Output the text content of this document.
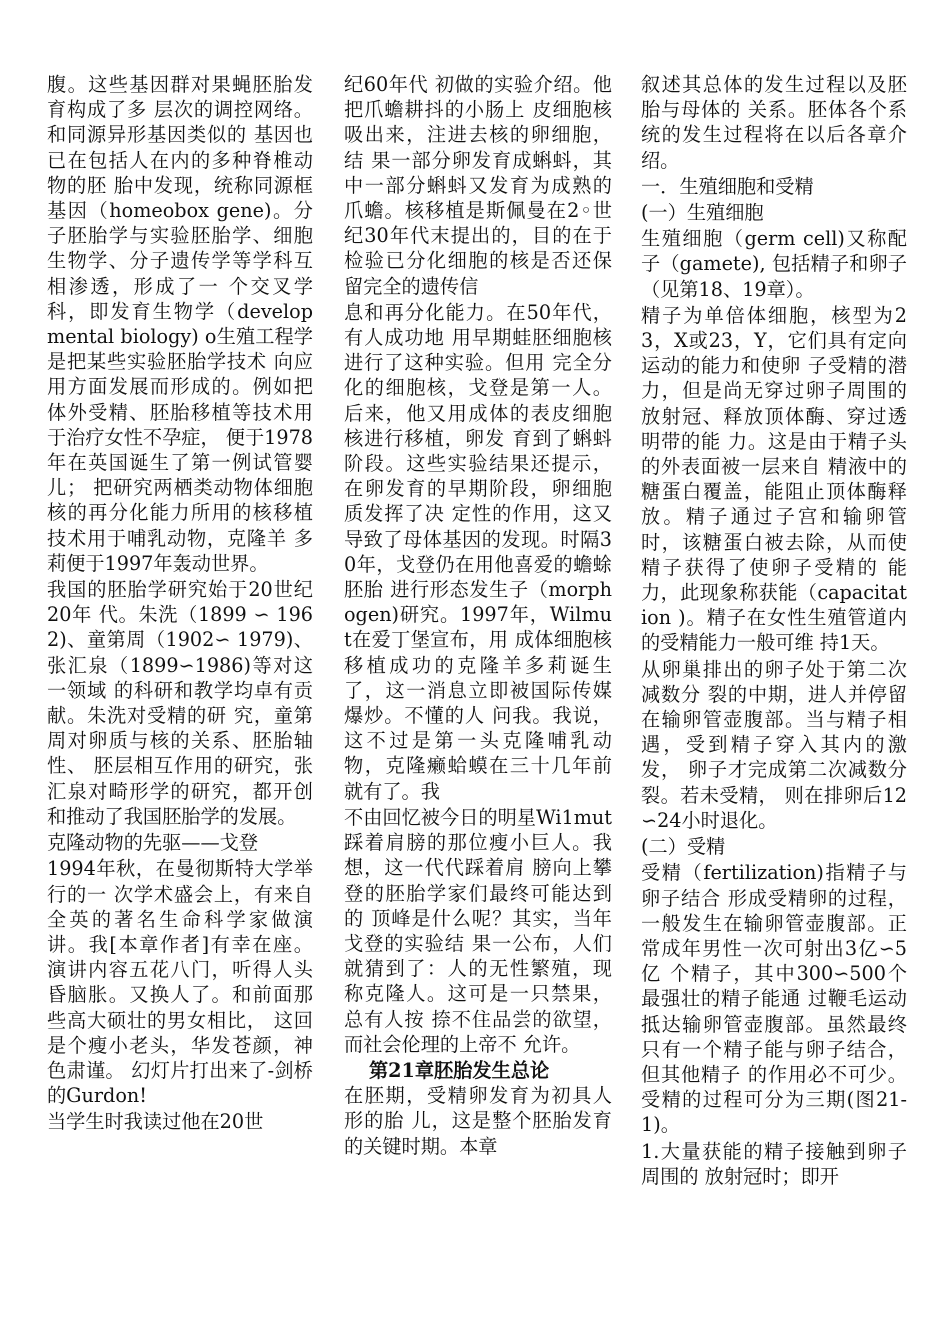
腹。这些基因群对果蝇胚胎发育构成了多 层次的调控网络。和同源异形基因类似的 基因也已在包括人在内的多种脊椎动物的胚 胎中发现，统称同源框基因（homeobox gene)。分子胚胎学与实验胚胎学、细胞生物学、分子遗传学等学科互相渗透，形成了一 个交叉学科，即发育生物学（developmental biology) o生殖工程学是把某些实验胚胎学技术 向应用方面发展而形成的。例如把体外受精、胚胎移植等技术用于治疗女性不孕症， 便于1978年在英国诞生了第一例试管婴儿； 把研究两栖类动物体细胞核的再分化能力所用的核移植技术用于哺乳动物，克隆羊 多莉便于1997年轰动世界。

我国的胚胎学研究始于20世纪20年 代。朱洗（1899 ∽ 1962)、童第周（1902∽ 1979)、张汇泉（1899∽1986)等对这一领域 的科研和教学均卓有贡献。朱洗对受精的研 究，童第周对卵质与核的关系、胚胎轴性、 胚层相互作用的研究，张汇泉对畸形学的研究，都开创和推动了我国胚胎学的发展。

克隆动物的先驱——戈登

1994年秋，在曼彻斯特大学举行的一 次学术盛会上，有来自全英的著名生命科学家做演讲。我[本章作者]有幸在座。 演讲内容五花八门，听得人头昏脑胀。又换人了。和前面那些高大硕壮的男女相比， 这回是个瘦小老头，华发苍颜，神色肃谨。 幻灯片打出来了-剑桥的Gurdon!

当学生时我读过他在20世

纪60年代 初做的实验介绍。他把爪蟾耕抖的小肠上 皮细胞核吸出来，注进去核的卵细胞，结 果一部分卵发育成蝌蚪，其中一部分蝌蚪又发育为成熟的爪蟾。核移植是斯佩曼在2◦世纪30年代末提出的，目的在于检验已分化细胞的核是否还保留完全的遗传信

息和再分化能力。在50年代，有人成功地 用早期蛙胚细胞核进行了这种实验。但用 完全分化的细胞核，戈登是第一人。后来，他又用成体的表皮细胞核进行移植，卵发 育到了蝌蚪阶段。这些实验结果还提示，在卵发育的早期阶段，卵细胞质发挥了决 定性的作用，这又导致了母体基因的发现。时隔30年，戈登仍在用他喜爱的蟾蜍胚胎 进行形态发生子（morphogen)研究。1997年，Wilmut在爱丁堡宣布，用 成体细胞核移植成功的克隆羊多莉诞生了，这一消息立即被国际传媒爆炒。不懂的人 问我。我说，这不过是第一头克隆哺乳动 物，克隆癞蛤蟆在三十几年前就有了。我

不由回忆被今日的明星Wi1mut踩着肩膀的那位瘦小巨人。我想，这一代代踩着肩 膀向上攀登的胚胎学家们最终可能达到的 顶峰是什么呢？其实，当年戈登的实验结 果一公布，人们就猜到了：人的无性繁殖，现称克隆人。这可是一只禁果，总有人按 捺不住品尝的欲望，而社会伦理的上帝不 允许。

第21章胚胎发生总论

在胚期，受精卵发育为初具人形的胎 儿，这是整个胚胎发育的关键时期。本章

叙述其总体的发生过程以及胚胎与母体的 关系。胚体各个系统的发生过程将在以后各章介绍。

一．生殖细胞和受精

(一）生殖细胞

生殖细胞（germ cell)又称配子（gamete), 包括精子和卵子（见第18、19章）。

精子为单倍体细胞，核型为23，X或23，Y，它们具有定向运动的能力和使卵 子受精的潜力，但是尚无穿过卵子周围的 放射冠、释放顶体酶、穿过透明带的能 力。这是由于精子头的外表面被一层来自 精液中的糖蛋白覆盖，能阻止顶体酶释放。精子通过子宫和输卵管时，该糖蛋白被去除，从而使精子获得了使卵子受精的 能力，此现象称获能（capacitation )。精子在女性生殖管道内的受精能力一般可维 持1天。

从卵巢排出的卵子处于第二次减数分 裂的中期，进人并停留在输卵管壶腹部。当与精子相遇，受到精子穿入其内的激发， 卵子才完成第二次减数分裂。若未受精， 则在排卵后12∽24小时退化。

(二）受精

受精（fertilization)指精子与卵子结合 形成受精卵的过程，一般发生在输卵管壶腹部。正常成年男性一次可射出3亿∽5亿 个精子，其中300∽500个最强壮的精子能通 过鞭毛运动抵达输卵管壶腹部。虽然最终 只有一个精子能与卵子结合，但其他精子 的作用必不可少。受精的过程可分为三期(图21-1)。

1.大量获能的精子接触到卵子周围的 放射冠时；即开
